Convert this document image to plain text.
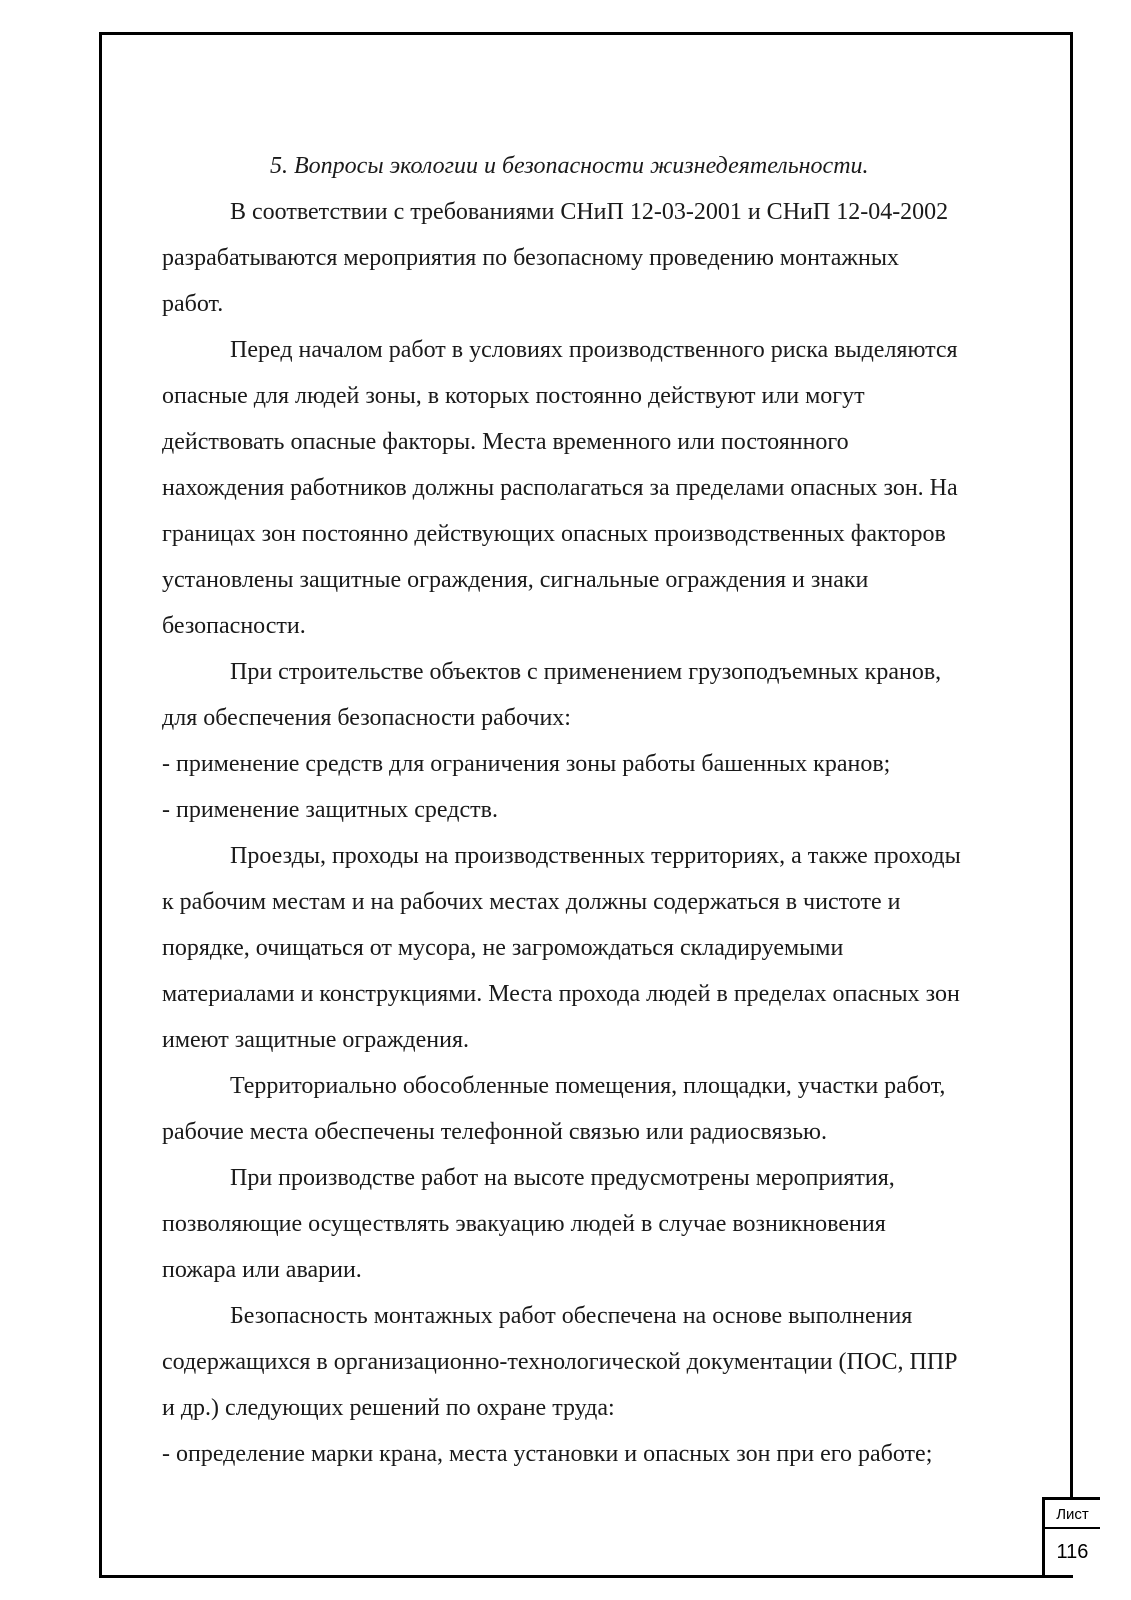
5. Вопросы экологии и безопасности жизнедеятельности.
В соответствии с требованиями СНиП 12-03-2001 и СНиП 12-04-2002
разрабатываются мероприятия по безопасному проведению монтажных
работ.
Перед началом работ в условиях производственного риска выделяются
опасные для людей зоны, в которых постоянно действуют или могут
действовать опасные факторы. Места временного или постоянного
нахождения работников должны располагаться за пределами опасных зон. На
границах зон постоянно действующих опасных производственных факторов
установлены защитные ограждения, сигнальные ограждения и знаки
безопасности.
При строительстве объектов с применением грузоподъемных кранов,
для обеспечения безопасности рабочих:
- применение средств для ограничения зоны работы башенных кранов;
- применение защитных средств.
Проезды, проходы на производственных территориях, а также проходы
к рабочим местам и на рабочих местах должны содержаться в чистоте и
порядке, очищаться от мусора, не загромождаться складируемыми
материалами и конструкциями. Места прохода людей в пределах опасных зон
имеют защитные ограждения.
Территориально обособленные помещения, площадки, участки работ,
рабочие места обеспечены телефонной связью или радиосвязью.
При производстве работ на высоте предусмотрены мероприятия,
позволяющие осуществлять эвакуацию людей в случае возникновения
пожара или аварии.
Безопасность монтажных работ обеспечена на основе выполнения
содержащихся в организационно-технологической документации (ПОС, ППР
и др.) следующих решений по охране труда:
- определение марки крана, места установки и опасных зон при его работе;
Лист
116
